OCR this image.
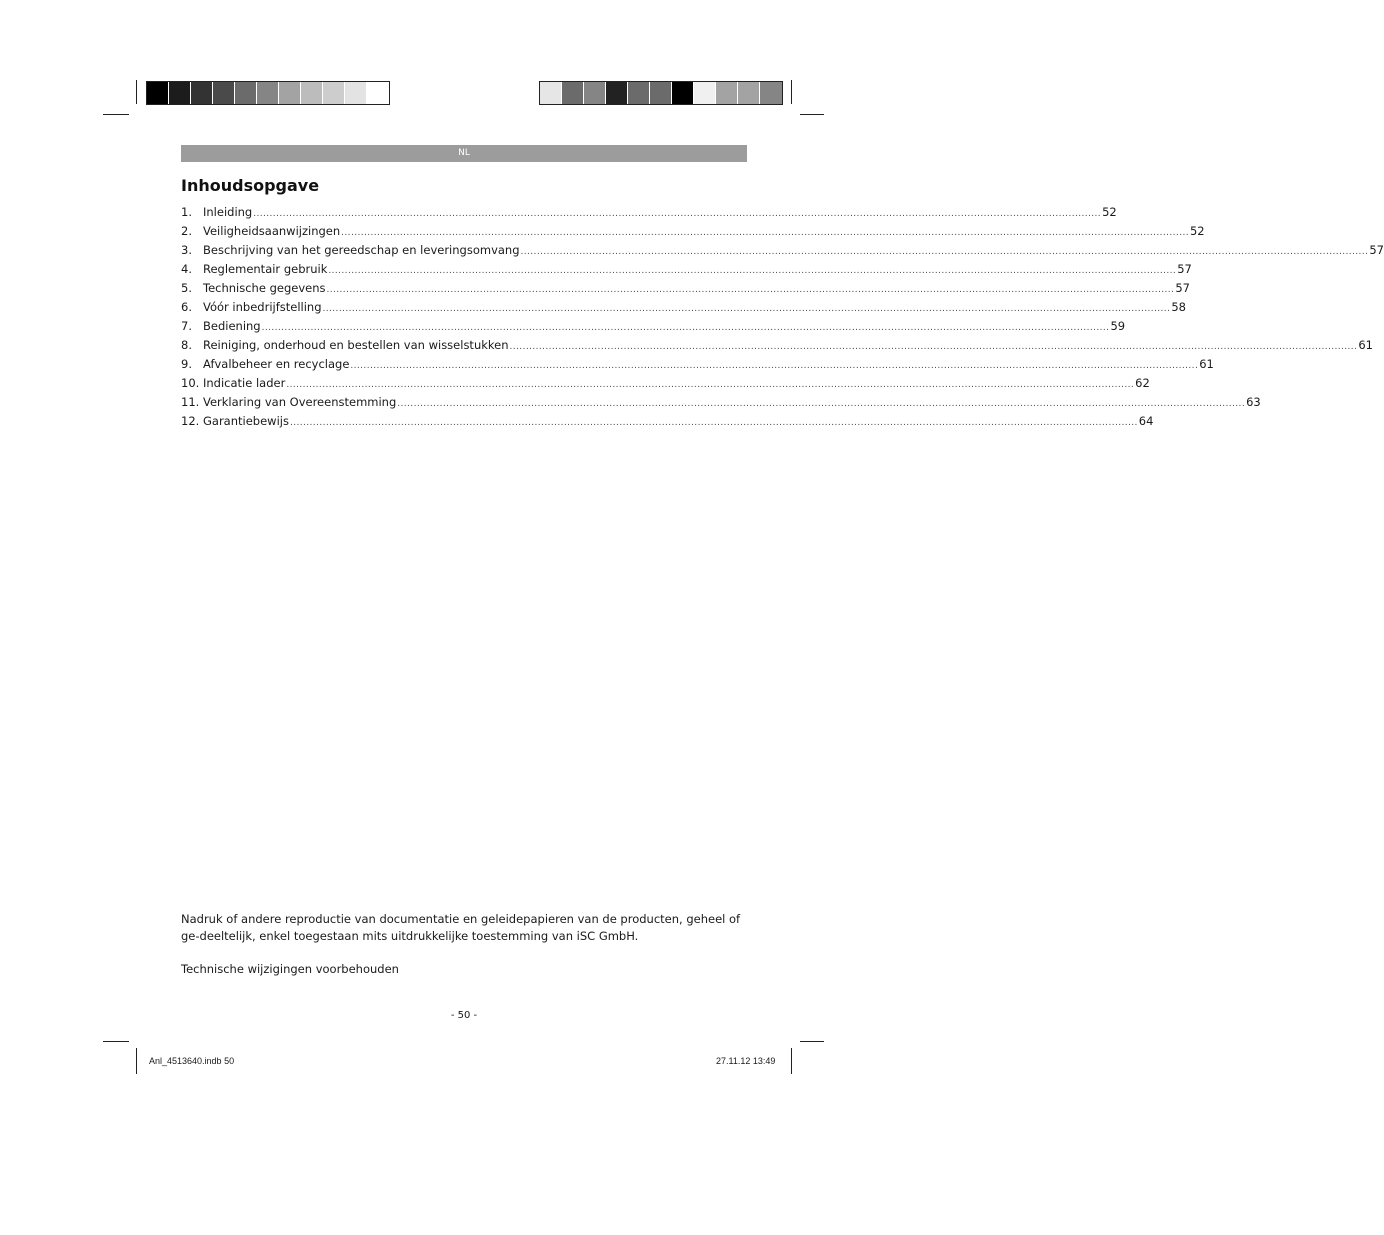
NL
Inhoudsopgave
1. Inleiding .................................................................................................................................................................................................................................................................... 52
2. Veiligheidsaanwijzingen .................................................................................................................................................................................................................................................................... 52
3. Beschrijving van het gereedschap en leveringsomvang .................................................................................................................................................................................................................................................................... 57
4. Reglementair gebruik .................................................................................................................................................................................................................................................................... 57
5. Technische gegevens .................................................................................................................................................................................................................................................................... 57
6. Vóór inbedrijfstelling .................................................................................................................................................................................................................................................................... 58
7. Bediening .................................................................................................................................................................................................................................................................... 59
8. Reiniging, onderhoud en bestellen van wisselstukken .................................................................................................................................................................................................................................................................... 61
9. Afvalbeheer en recyclage .................................................................................................................................................................................................................................................................... 61
10. Indicatie lader .................................................................................................................................................................................................................................................................... 62
11. Verklaring van Overeenstemming .................................................................................................................................................................................................................................................................... 63
12. Garantiebewijs .................................................................................................................................................................................................................................................................... 64

Nadruk of andere reproductie van documentatie en geleidepapieren van de producten, geheel of ge-deeltelijk, enkel toegestaan mits uitdrukkelijke toestemming van iSC GmbH.

Technische wijzigingen voorbehouden

- 50 -
Anl_4513640.indb 50	27.11.12 13:49
